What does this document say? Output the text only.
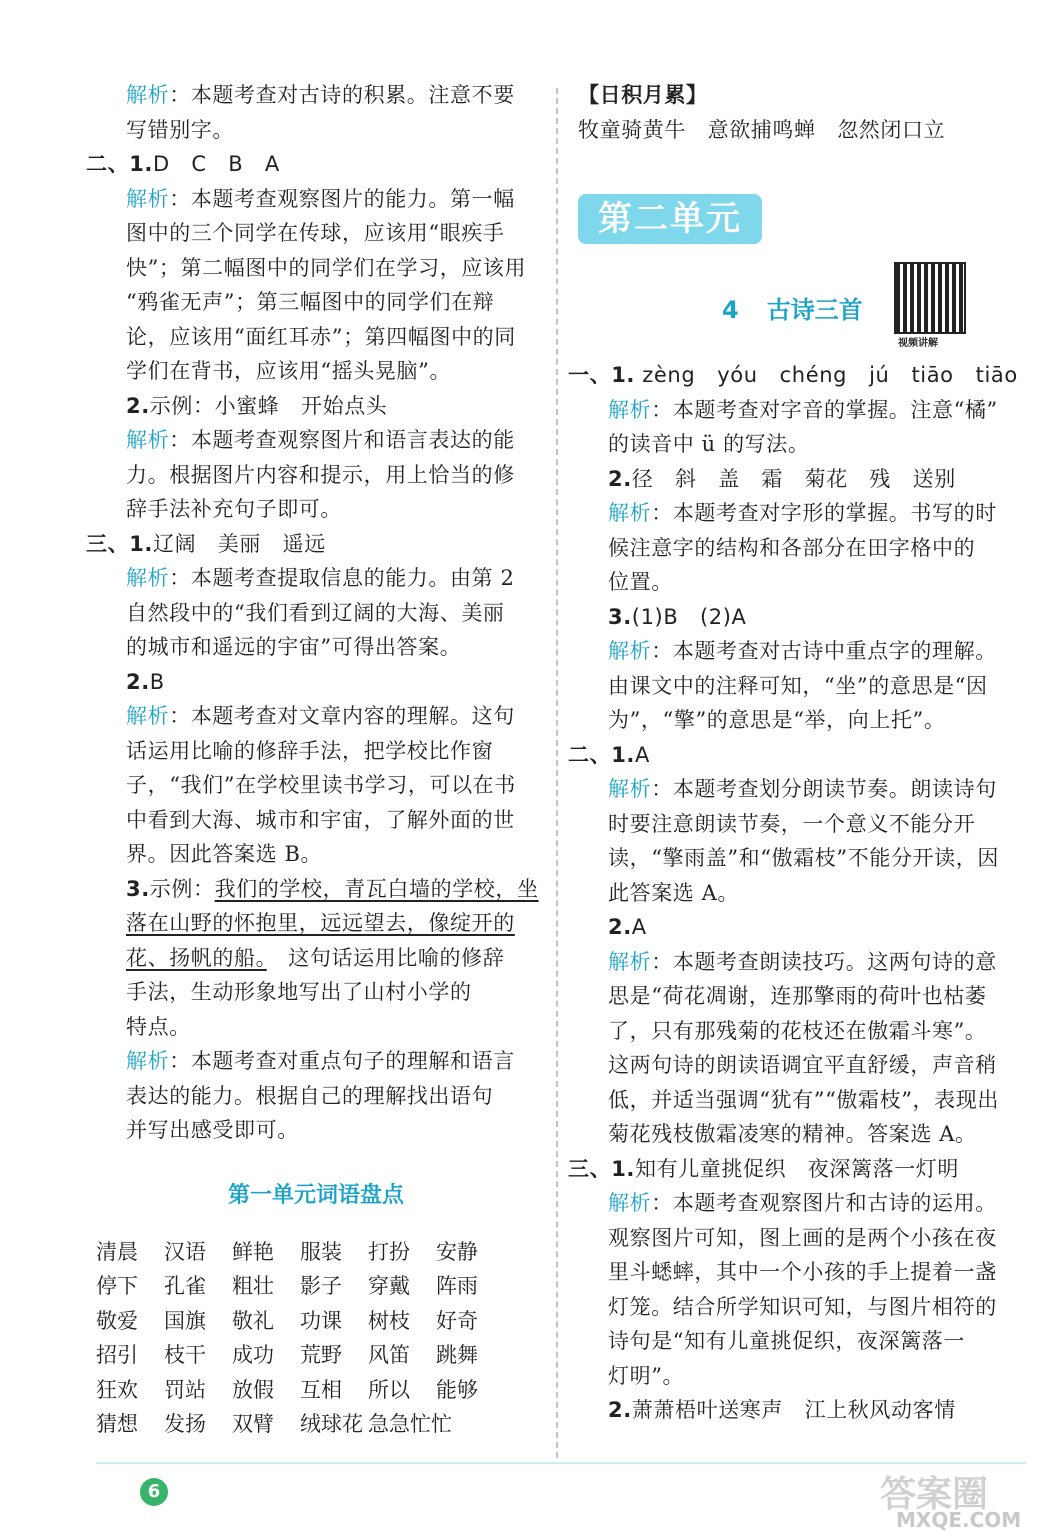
解析：本题考查对古诗的积累。注意不要
写错别字。
二、1.D　C　B　A
解析：本题考查观察图片的能力。第一幅
图中的三个同学在传球，应该用“眼疾手
快”；第二幅图中的同学们在学习，应该用
“鸦雀无声”；第三幅图中的同学们在辩
论，应该用“面红耳赤”；第四幅图中的同
学们在背书，应该用“摇头晃脑”。
2.示例：小蜜蜂　开始点头
解析：本题考查观察图片和语言表达的能
力。根据图片内容和提示，用上恰当的修
辞手法补充句子即可。
三、1.辽阔　美丽　遥远
解析：本题考查提取信息的能力。由第 2
自然段中的“我们看到辽阔的大海、美丽
的城市和遥远的宇宙”可得出答案。
2.B
解析：本题考查对文章内容的理解。这句
话运用比喻的修辞手法，把学校比作窗
子，“我们”在学校里读书学习，可以在书
中看到大海、城市和宇宙，了解外面的世
界。因此答案选 B。
3.示例：我们的学校，青瓦白墙的学校，坐
落在山野的怀抱里，远远望去，像绽开的
花、扬帆的船。　这句话运用比喻的修辞
手法，生动形象地写出了山村小学的
特点。
解析：本题考查对重点句子的理解和语言
表达的能力。根据自己的理解找出语句
并写出感受即可。
第一单元词语盘点
清晨	汉语	鲜艳	服装	打扮	安静
停下	孔雀	粗壮	影子	穿戴	阵雨
敬爱	国旗	敬礼	功课	树枝	好奇
招引	枝干	成功	荒野	风笛	跳舞
狂欢	罚站	放假	互相	所以	能够
猜想	发扬	双臂	绒球花 急急忙忙
【日积月累】
牧童骑黄牛　意欲捕鸣蝉　忽然闭口立
第二单元
4 古诗三首
视频讲解
一、1. zèng yóu chéng jú tiāo tiāo
解析：本题考查对字音的掌握。注意“橘”
的读音中 ü 的写法。
2.径　斜　盖　霜　菊花　残　送别
解析：本题考查对字形的掌握。书写的时
候注意字的结构和各部分在田字格中的
位置。
3.(1)B　(2)A
解析：本题考查对古诗中重点字的理解。
由课文中的注释可知，“坐”的意思是“因
为”，“擎”的意思是“举，向上托”。
二、1.A
解析：本题考查划分朗读节奏。朗读诗句
时要注意朗读节奏，一个意义不能分开
读，“擎雨盖”和“傲霜枝”不能分开读，因
此答案选 A。
2.A
解析：本题考查朗读技巧。这两句诗的意
思是“荷花凋谢，连那擎雨的荷叶也枯萎
了，只有那残菊的花枝还在傲霜斗寒”。
这两句诗的朗读语调宜平直舒缓，声音稍
低，并适当强调“犹有”“傲霜枝”，表现出
菊花残枝傲霜凌寒的精神。答案选 A。
三、1.知有儿童挑促织　夜深篱落一灯明
解析：本题考查观察图片和古诗的运用。
观察图片可知，图上画的是两个小孩在夜
里斗蟋蟀，其中一个小孩的手上提着一盏
灯笼。结合所学知识可知，与图片相符的
诗句是“知有儿童挑促织，夜深篱落一
灯明”。
2.萧萧梧叶送寒声　江上秋风动客情
6	答案圈
MXQE.COM
